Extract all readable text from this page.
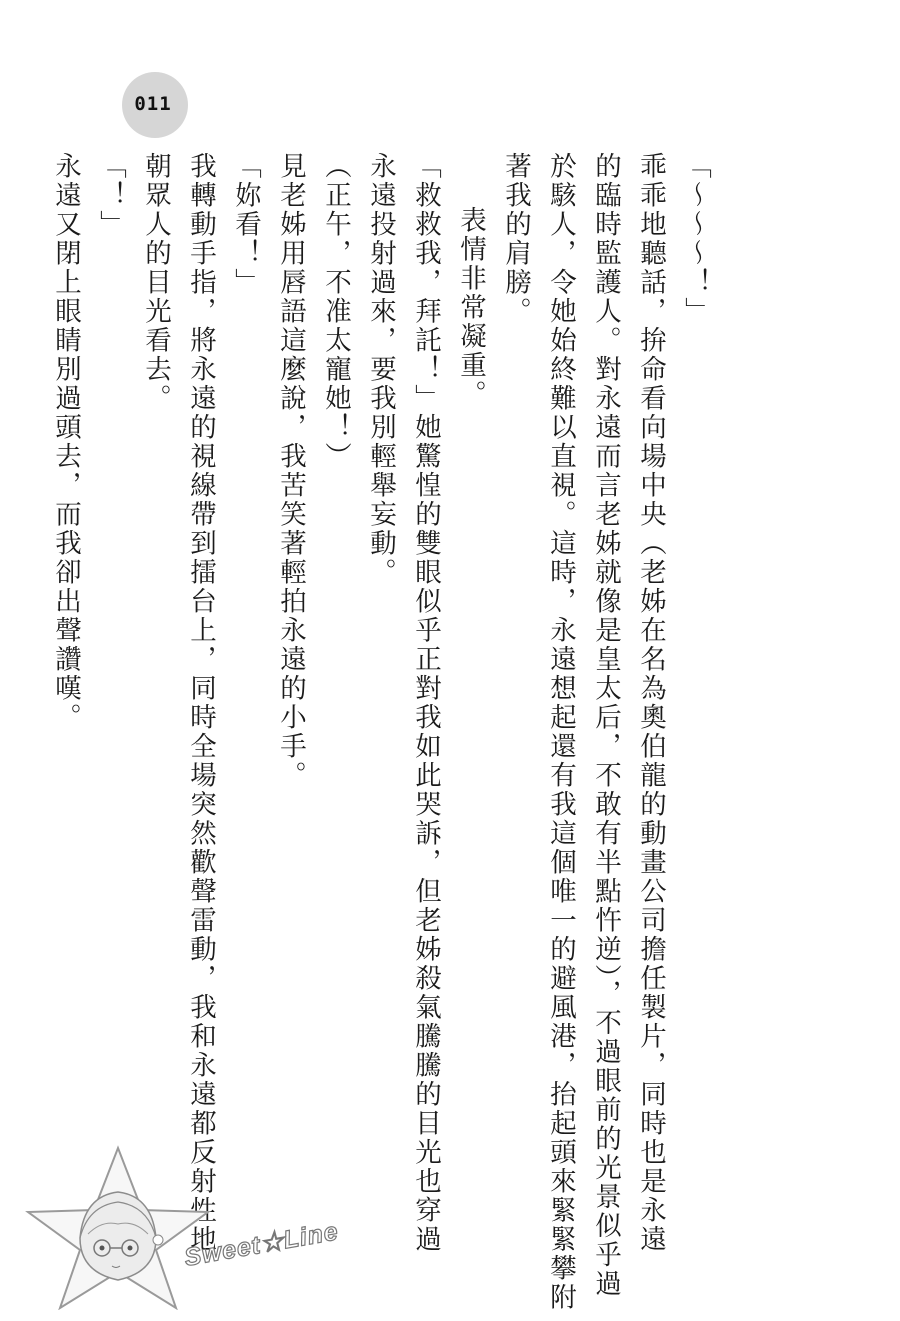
011
「〜〜〜！」
乖乖地聽話，拚命看向場中央（老姊在名為奧伯龍的動畫公司擔任製片，同時也是永遠
的臨時監護人。對永遠而言老姊就像是皇太后，不敢有半點忤逆），不過眼前的光景似乎過
於駭人，令她始終難以直視。這時，永遠想起還有我這個唯一的避風港，抬起頭來緊緊攀附
著我的肩膀。
表情非常凝重。
「救救我，拜託！」她驚惶的雙眼似乎正對我如此哭訴，但老姊殺氣騰騰的目光也穿過
永遠投射過來，要我別輕舉妄動。
（正午，不准太寵她！）
見老姊用唇語這麼說，我苦笑著輕拍永遠的小手。
「妳看！」
我轉動手指，將永遠的視線帶到擂台上，同時全場突然歡聲雷動，我和永遠都反射性地
朝眾人的目光看去。
「！」
永遠又閉上眼睛別過頭去，而我卻出聲讚嘆。
Sweet★Line
